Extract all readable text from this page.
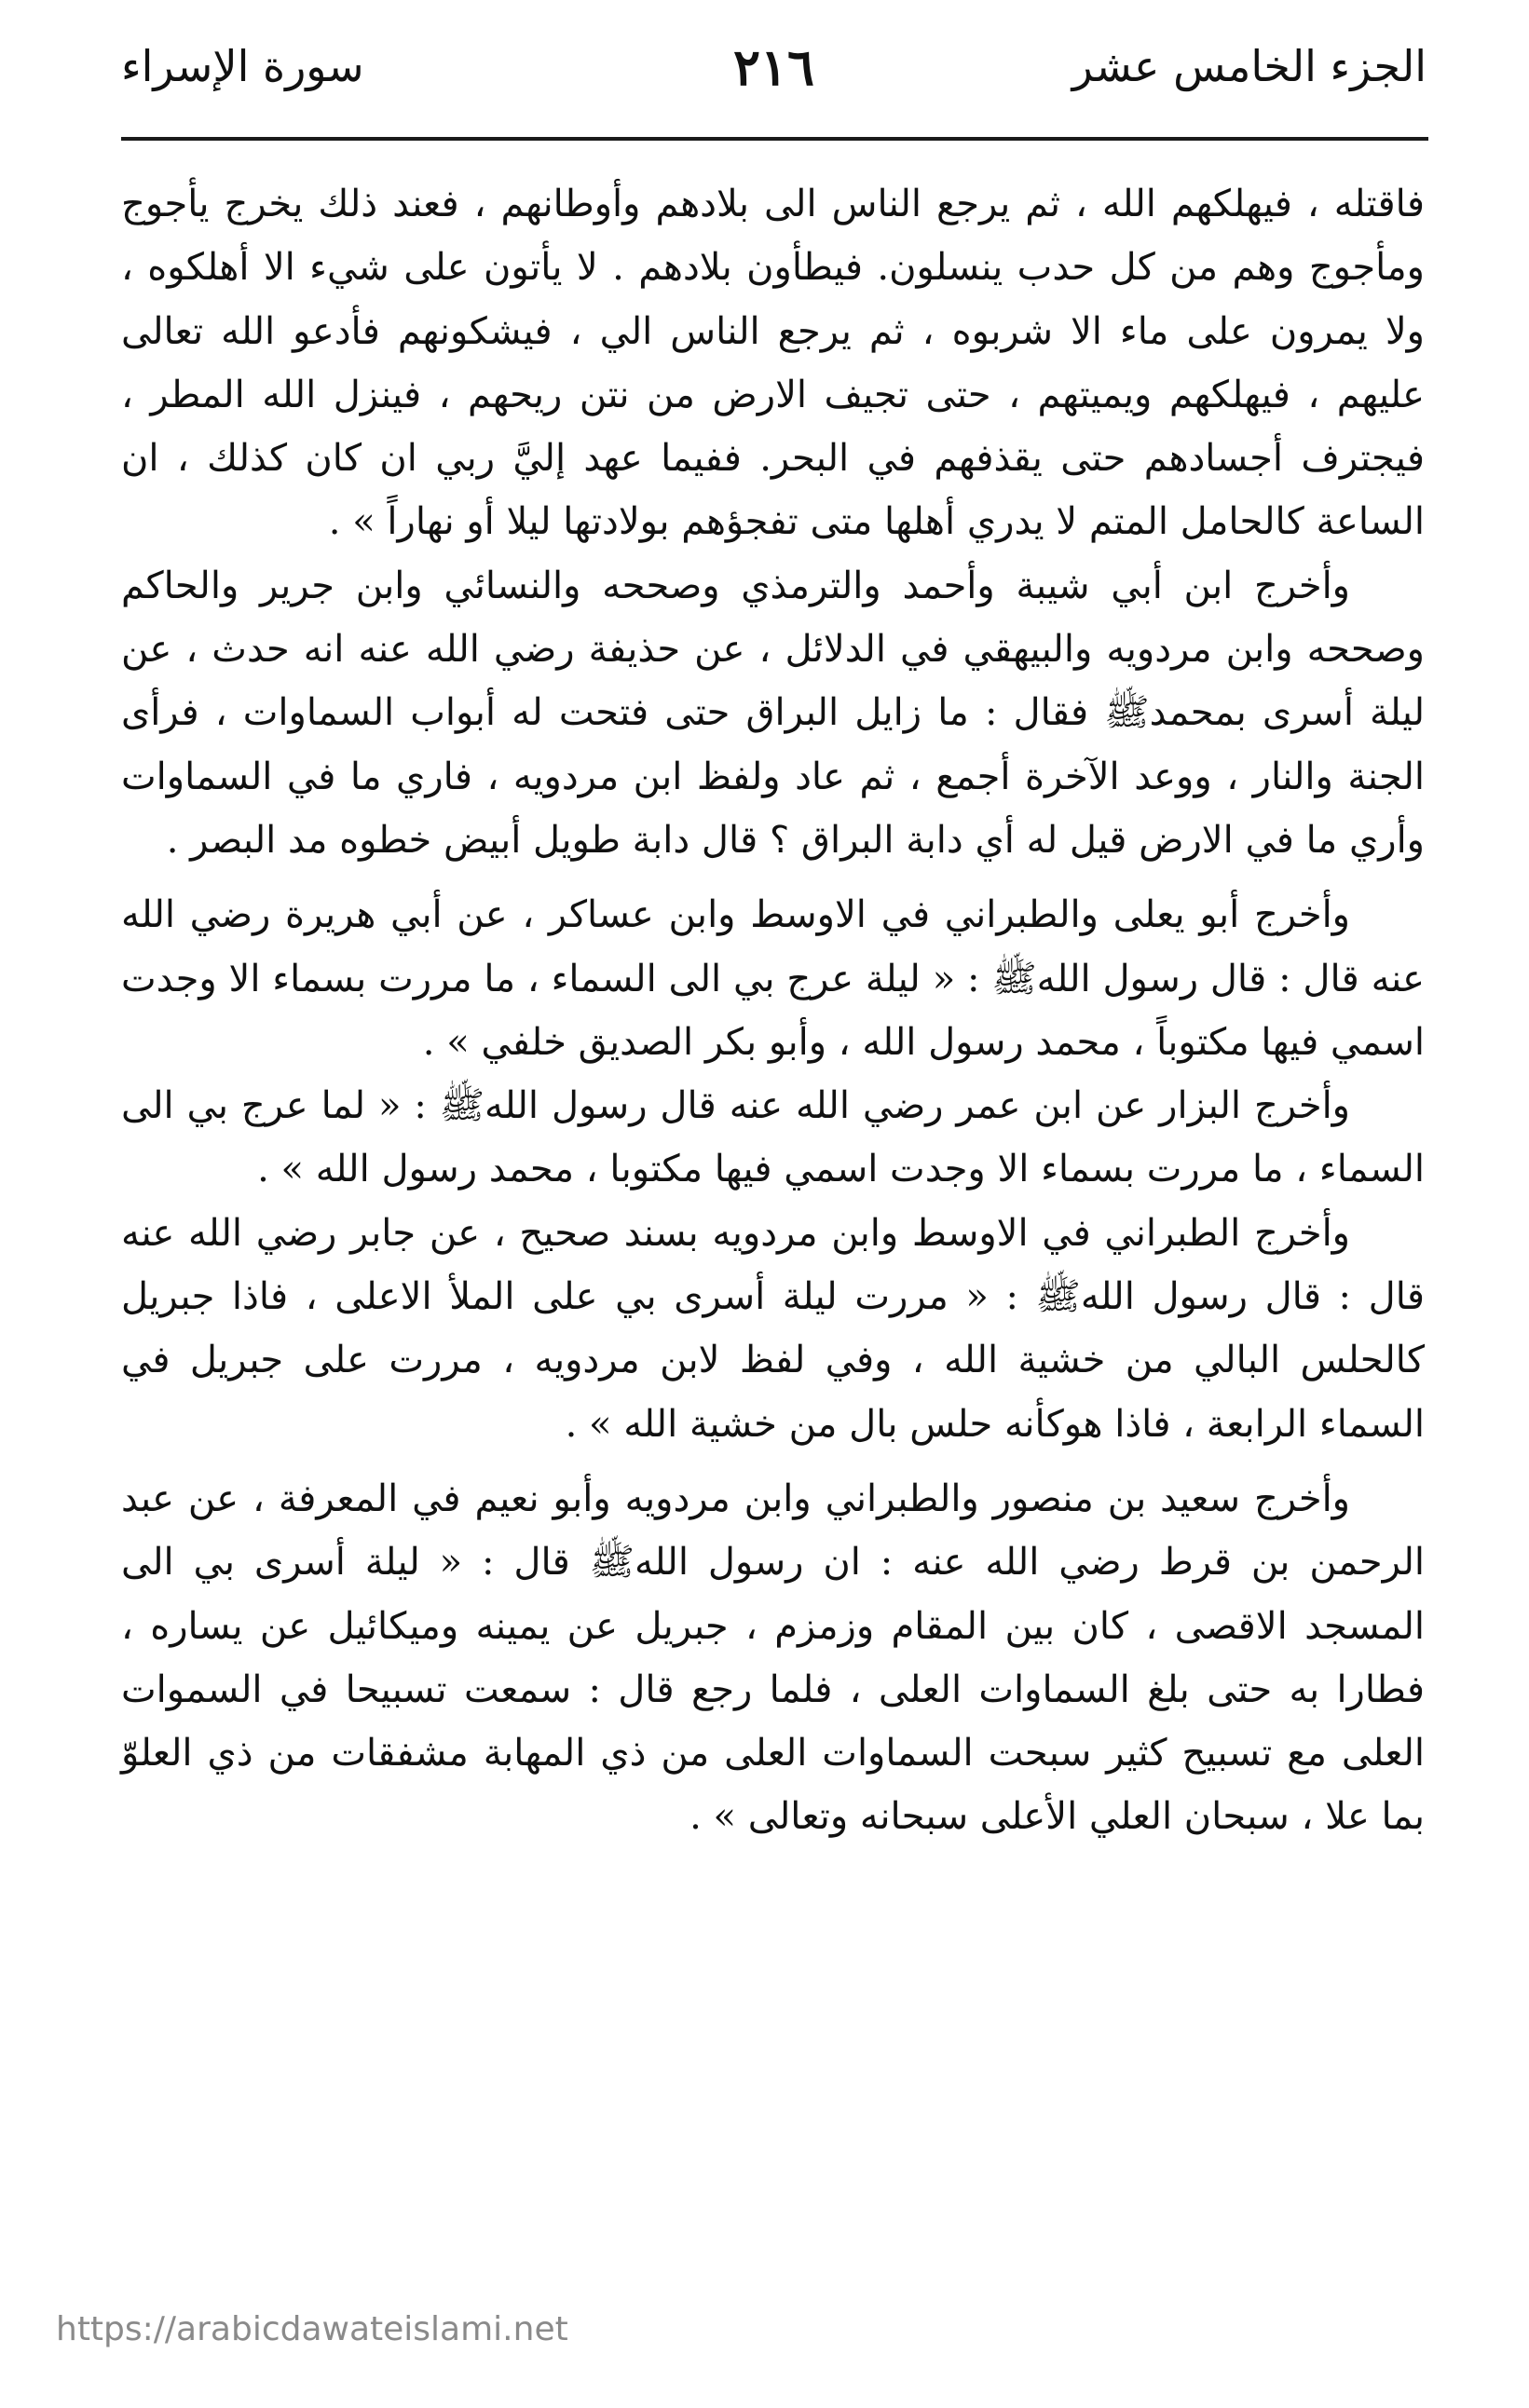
الجزء الخامس عشر
٢١٦
سورة الإسراء

فاقتله ، فيهلكهم الله ، ثم يرجع الناس الى بلادهم وأوطانهم ، فعند ذلك يخرج يأجوج ومأجوج وهم من كل حدب ينسلون. فيطأون بلادهم . لا يأتون على شيء الا أهلكوه ، ولا يمرون على ماء الا شربوه ، ثم يرجع الناس الي ، فيشكونهم فأدعو الله تعالى عليهم ، فيهلكهم ويميتهم ، حتى تجيف الارض من نتن ريحهم ، فينزل الله المطر ، فيجترف أجسادهم حتى يقذفهم في البحر. ففيما عهد إليَّ ربي ان كان كذلك ، ان الساعة كالحامل المتم لا يدري أهلها متى تفجؤهم بولادتها ليلا أو نهاراً » .

وأخرج ابن أبي شيبة وأحمد والترمذي وصححه والنسائي وابن جرير والحاكم وصححه وابن مردويه والبيهقي في الدلائل ، عن حذيفة رضي الله عنه انه حدث ، عن ليلة أسرى بمحمدﷺ فقال : ما زايل البراق حتى فتحت له أبواب السماوات ، فرأى الجنة والنار ، ووعد الآخرة أجمع ، ثم عاد ولفظ ابن مردويه ، فاري ما في السماوات وأري ما في الارض قيل له أي دابة البراق ؟ قال دابة طويل أبيض خطوه مد البصر .

وأخرج أبو يعلى والطبراني في الاوسط وابن عساكر ، عن أبي هريرة رضي الله عنه قال : قال رسول اللهﷺ : « ليلة عرج بي الى السماء ، ما مررت بسماء الا وجدت اسمي فيها مكتوباً ، محمد رسول الله ، وأبو بكر الصديق خلفي » .

وأخرج البزار عن ابن عمر رضي الله عنه قال رسول اللهﷺ : « لما عرج بي الى السماء ، ما مررت بسماء الا وجدت اسمي فيها مكتوبا ، محمد رسول الله » .

وأخرج الطبراني في الاوسط وابن مردويه بسند صحيح ، عن جابر رضي الله عنه قال : قال رسول اللهﷺ : « مررت ليلة أسرى بي على الملأ الاعلى ، فاذا جبريل كالحلس البالي من خشية الله ، وفي لفظ لابن مردويه ، مررت على جبريل في السماء الرابعة ، فاذا هوكأنه حلس بال من خشية الله » .

وأخرج سعيد بن منصور والطبراني وابن مردويه وأبو نعيم في المعرفة ، عن عبد الرحمن بن قرط رضي الله عنه : ان رسول اللهﷺ قال : « ليلة أسرى بي الى المسجد الاقصى ، كان بين المقام وزمزم ، جبريل عن يمينه وميكائيل عن يساره ، فطارا به حتى بلغ السماوات العلى ، فلما رجع قال : سمعت تسبيحا في السموات العلى مع تسبيح كثير سبحت السماوات العلى من ذي المهابة مشفقات من ذي العلوّ بما علا ، سبحان العلي الأعلى سبحانه وتعالى » .

https://arabicdawateislami.net
